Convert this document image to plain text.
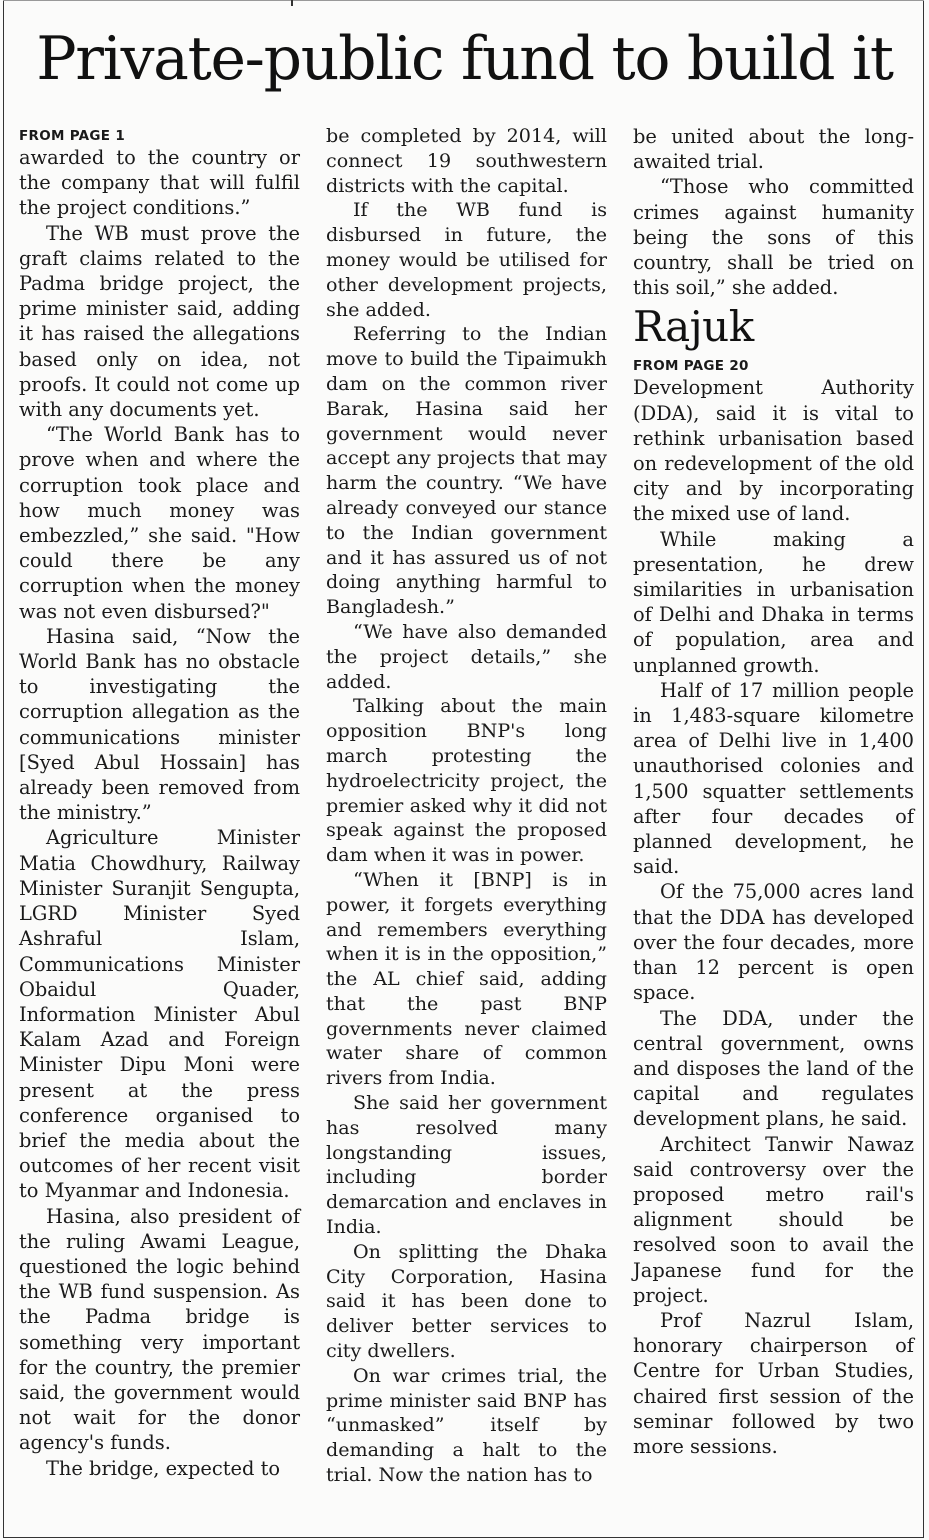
Private-public fund to build it
FROM PAGE 1

awarded to the country or the company that will fulfil the project conditions.”

The WB must prove the graft claims related to the Padma bridge project, the prime minister said, adding it has raised the allegations based only on idea, not proofs. It could not come up with any documents yet.

“The World Bank has to prove when and where the corruption took place and how much money was embezzled,” she said. "How could there be any corruption when the money was not even disbursed?"

Hasina said, “Now the World Bank has no obstacle to investigating the corruption allegation as the communications minister [Syed Abul Hossain] has already been removed from the ministry.”

Agriculture Minister Matia Chowdhury, Railway Minister Suranjit Sengupta, LGRD Minister Syed Ashraful Islam, Communications Minister Obaidul Quader, Information Minister Abul Kalam Azad and Foreign Minister Dipu Moni were present at the press conference organised to brief the media about the outcomes of her recent visit to Myanmar and Indonesia.

Hasina, also president of the ruling Awami League, questioned the logic behind the WB fund suspension. As the Padma bridge is something very important for the country, the premier said, the government would not wait for the donor agency's funds.

The bridge, expected to

be completed by 2014, will connect 19 southwestern districts with the capital.

If the WB fund is disbursed in future, the money would be utilised for other development projects, she added.

Referring to the Indian move to build the Tipaimukh dam on the common river Barak, Hasina said her government would never accept any projects that may harm the country. “We have already conveyed our stance to the Indian government and it has assured us of not doing anything harmful to Bangladesh.”

“We have also demanded the project details,” she added.

Talking about the main opposition BNP's long march protesting the hydroelectricity project, the premier asked why it did not speak against the proposed dam when it was in power.

“When it [BNP] is in power, it forgets everything and remembers everything when it is in the opposition,” the AL chief said, adding that the past BNP governments never claimed water share of common rivers from India.

She said her government has resolved many longstanding issues, including border demarcation and enclaves in India.

On splitting the Dhaka City Corporation, Hasina said it has been done to deliver better services to city dwellers.

On war crimes trial, the prime minister said BNP has “unmasked” itself by demanding a halt to the trial. Now the nation has to

be united about the long-awaited trial.

“Those who committed crimes against humanity being the sons of this country, shall be tried on this soil,” she added.

Rajuk
FROM PAGE 20

Development Authority (DDA), said it is vital to rethink urbanisation based on redevelopment of the old city and by incorporating the mixed use of land.

While making a presentation, he drew similarities in urbanisation of Delhi and Dhaka in terms of population, area and unplanned growth.

Half of 17 million people in 1,483-square kilometre area of Delhi live in 1,400 unauthorised colonies and 1,500 squatter settlements after four decades of planned development, he said.

Of the 75,000 acres land that the DDA has developed over the four decades, more than 12 percent is open space.

The DDA, under the central government, owns and disposes the land of the capital and regulates development plans, he said.

Architect Tanwir Nawaz said controversy over the proposed metro rail's alignment should be resolved soon to avail the Japanese fund for the project.

Prof Nazrul Islam, honorary chairperson of Centre for Urban Studies, chaired first session of the seminar followed by two more sessions.
